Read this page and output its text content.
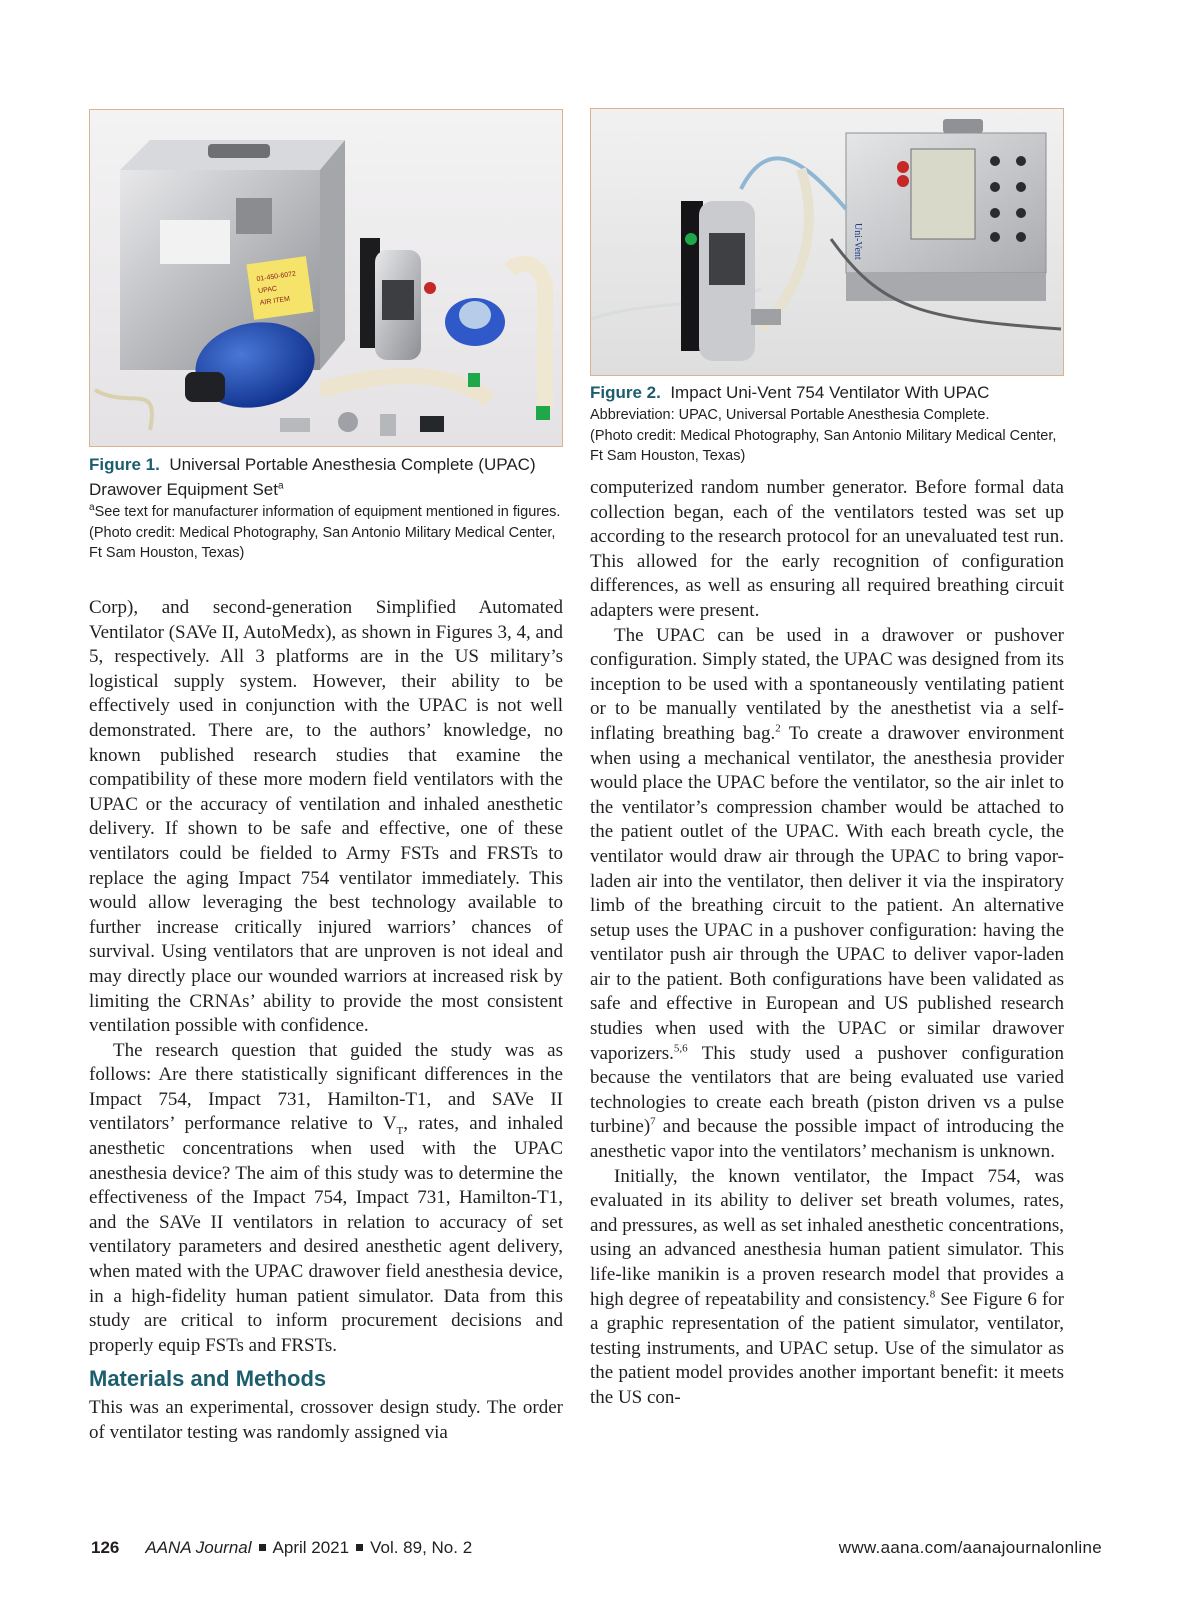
01-450-6072
UPAC
AIR ITEM
Uni-Vent

Figure 2. Impact Uni-Vent 754 Ventilator With UPAC

Abbreviation: UPAC, Universal Portable Anesthesia Complete.

(Photo credit: Medical Photography, San Antonio Military Medical Center, Ft Sam Houston, Texas)

Figure 1. Universal Portable Anesthesia Complete (UPAC) Drawover Equipment Set$^a$

$^a$See text for manufacturer information of equipment mentioned in figures.

(Photo credit: Medical Photography, San Antonio Military Medical Center, Ft Sam Houston, Texas)

Corp), and second-generation Simplified Automated Ventilator (SAVe II, AutoMedx), as shown in Figures 3, 4, and 5, respectively. All 3 platforms are in the US military’s logistical supply system. However, their ability to be effectively used in conjunction with the UPAC is not well demonstrated. There are, to the authors’ knowledge, no known published research studies that examine the compatibility of these more modern field ventilators with the UPAC or the accuracy of ventilation and inhaled anesthetic delivery. If shown to be safe and effective, one of these ventilators could be fielded to Army FSTs and FRSTs to replace the aging Impact 754 ventilator immediately. This would allow leveraging the best technology available to further increase critically injured warriors’ chances of survival. Using ventilators that are unproven is not ideal and may directly place our wounded warriors at increased risk by limiting the CRNAs’ ability to provide the most consistent ventilation possible with confidence.

The research question that guided the study was as follows: Are there statistically significant differences in the Impact 754, Impact 731, Hamilton-T1, and SAVe II ventilators’ performance relative to $V_T$, rates, and inhaled anesthetic concentrations when used with the UPAC anesthesia device? The aim of this study was to determine the effectiveness of the Impact 754, Impact 731, Hamilton-T1, and the SAVe II ventilators in relation to accuracy of set ventilatory parameters and desired anesthetic agent delivery, when mated with the UPAC drawover field anesthesia device, in a high-fidelity human patient simulator. Data from this study are critical to inform procurement decisions and properly equip FSTs and FRSTs.

Materials and Methods

This was an experimental, crossover design study. The order of ventilator testing was randomly assigned via

computerized random number generator. Before formal data collection began, each of the ventilators tested was set up according to the research protocol for an unevaluated test run. This allowed for the early recognition of configuration differences, as well as ensuring all required breathing circuit adapters were present.

The UPAC can be used in a drawover or pushover configuration. Simply stated, the UPAC was designed from its inception to be used with a spontaneously ventilating patient or to be manually ventilated by the anesthetist via a self-inflating breathing bag.$^2$ To create a drawover environment when using a mechanical ventilator, the anesthesia provider would place the UPAC before the ventilator, so the air inlet to the ventilator’s compression chamber would be attached to the patient outlet of the UPAC. With each breath cycle, the ventilator would draw air through the UPAC to bring vapor-laden air into the ventilator, then deliver it via the inspiratory limb of the breathing circuit to the patient. An alternative setup uses the UPAC in a pushover configuration: having the ventilator push air through the UPAC to deliver vapor-laden air to the patient. Both configurations have been validated as safe and effective in European and US published research studies when used with the UPAC or similar drawover vaporizers.$^{5,6}$ This study used a pushover configuration because the ventilators that are being evaluated use varied technologies to create each breath (piston driven vs a pulse turbine)$^7$ and because the possible impact of introducing the anesthetic vapor into the ventilators’ mechanism is unknown.

Initially, the known ventilator, the Impact 754, was evaluated in its ability to deliver set breath volumes, rates, and pressures, as well as set inhaled anesthetic concentrations, using an advanced anesthesia human patient simulator. This life-like manikin is a proven research model that provides a high degree of repeatability and consistency.$^8$ See Figure 6 for a graphic representation of the patient simulator, ventilator, testing instruments, and UPAC setup. Use of the simulator as the patient model provides another important benefit: it meets the US con-

126 AANA Journal April 2021 Vol. 89, No. 2	www.aana.com/aanajournalonline
